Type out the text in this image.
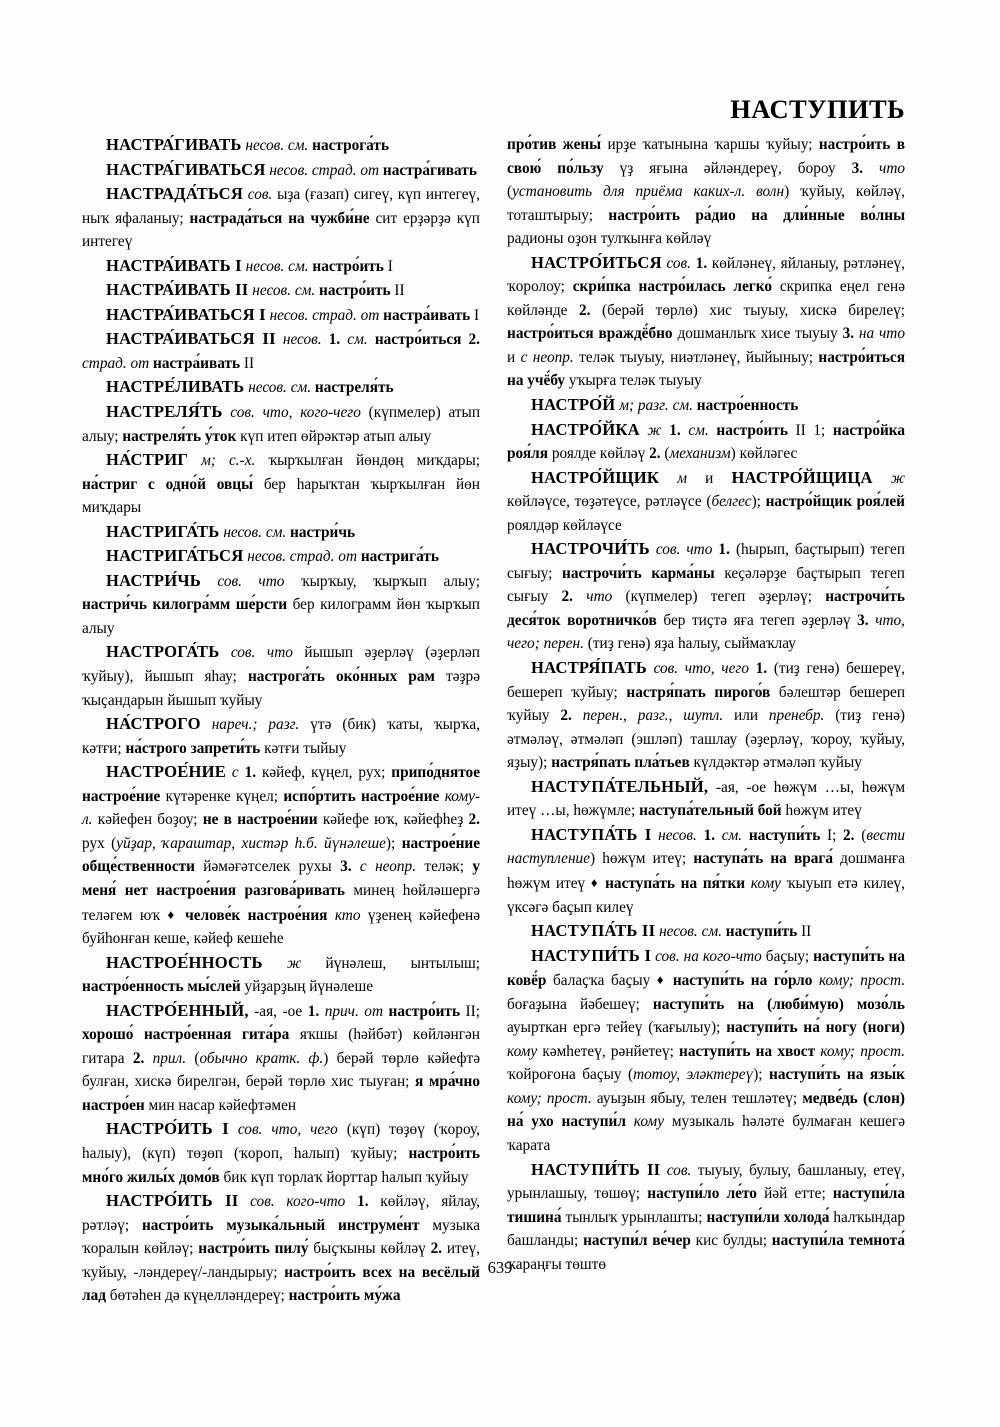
НАСТУПИТЬ

НАСТРА́ГИВАТЬ несов. см. настрога́ть

НАСТРА́ГИВАТЬСЯ несов. страд. от настра́гивать

НАСТРАДА́ТЬСЯ сов. ыҙа (ғазап) сигеү, күп интегеү, ныҡ яфаланыу; настрада́ться на чужби́не сит ерҙәрҙә күп интегеү

НАСТРА́ИВАТЬ I несов. см. настро́ить I

НАСТРА́ИВАТЬ II несов. см. настро́ить II

НАСТРА́ИВАТЬСЯ I несов. страд. от настра́ивать I

НАСТРА́ИВАТЬСЯ II несов. 1. см. настро́иться 2. страд. от настра́ивать II

НАСТРЕ́ЛИВАТЬ несов. см. настреля́ть

НАСТРЕЛЯ́ТЬ сов. что, кого-чего (күпмелер) атып алыу; настреля́ть у́ток күп итеп өйрәктәр атып алыу

НА́СТРИГ м; с.-х. ҡырҡылған йөндөң миҡдары; на́стриг с одно́й овцы́ бер һарыҡтан ҡырҡылған йөн миҡдары

НАСТРИГА́ТЬ несов. см. настри́чь

НАСТРИГА́ТЬСЯ несов. страд. от настрига́ть

НАСТРИ́ЧЬ сов. что ҡырҡыу, ҡырҡып алыу; настри́чь килогра́мм ше́рсти бер килограмм йөн ҡырҡып алыу

НАСТРОГА́ТЬ сов. что йышып әҙерләү (әҙерләп ҡуйыу), йышып яһау; настрога́ть око́нных рам тәҙрә ҡыҫандарын йышып ҡуйыу

НА́СТРОГО нареч.; разг. үтә (бик) ҡаты, ҡырҡа, кәтғи; на́строго запрети́ть кәтғи тыйыу

НАСТРОЕ́НИЕ с 1. кәйеф, күңел, рух; припо́днятое настрое́ние күтәренке күңел; испо́ртить настрое́ние кому-л. кәйефен боҙоу; не в настрое́нии кәйефе юҡ, кәйефһеҙ 2. рух (уйҙар, ҡараштар, хистәр һ.б. йүнәлеше); настрое́ние обще́ственности йәмәғәтселек рухы 3. с неопр. теләк; у меня́ нет настрое́ния разгова́ривать минең һөйләшергә теләгем юҡ ♦ челове́к настрое́ния кто үҙенең кәйефенә буйһонған кеше, кәйеф кешеһе

НАСТРОЕ́ННОСТЬ ж йүнәлеш, ынтылыш; настро́енность мы́слей уйҙарҙың йүнәлеше

НАСТРО́ЕННЫЙ, -ая, -ое 1. прич. от настро́ить II; хорошо́ настро́енная гита́ра яҡшы (һәйбәт) көйләнгән гитара 2. прил. (обычно кратк. ф.) берәй төрлө кәйефтә булған, хискә бирелгән, берәй төрлө хис тыуған; я мра́чно настро́ен мин насар кәйефтәмен

НАСТРО́ИТЬ I сов. что, чего (күп) төҙөү (ҡороу, һалыу), (күп) төҙөп (ҡороп, һалып) ҡуйыу; настро́ить мно́го жилы́х домо́в бик күп торлаҡ йорттар һалып ҡуйыу

НАСТРО́ИТЬ II сов. кого-что 1. көйләү, яйлау, рәтләү; настро́ить музыка́льный инструме́нт музыка ҡоралын көйләү; настро́ить пилу́ быҫҡыны көйләү 2. итеү, ҡуйыу, -ләндереү/-ландырыу; настро́ить всех на весёлый лад бөтәһен дә күңелләндереү; настро́ить му́жа

про́тив жены́ ирҙе ҡатынына ҡаршы ҡуйыу; настро́ить в свою́ по́льзу үҙ яғына әйләндереү, бороу 3. что (установить для приёма каких-л. волн) ҡуйыу, көйләү, тоташтырыу; настро́ить ра́дио на дли́нные во́лны радионы оҙон тулҡынға көйләү

НАСТРО́ИТЬСЯ сов. 1. көйләнеү, яйланыу, рәтләнеү, ҡоролоу; скри́пка настро́илась легко́ скрипка еңел генә көйләнде 2. (берәй төрлө) хис тыуыу, хискә бирелеү; настро́иться враждё́бно дошманлыҡ хисе тыуыу 3. на что и с неопр. теләк тыуыу, ниәтләнеү, йыйыныу; настро́иться на учё́бу уҡырға теләк тыуыу

НАСТРО́Й м; разг. см. настро́енность

НАСТРО́ЙКА ж 1. см. настро́ить II 1; настро́йка роя́ля роялде көйләү 2. (механизм) көйләгес

НАСТРО́ЙЩИК м и НАСТРО́ЙЩИЦА ж көйләүсе, төҙәтеүсе, рәтләүсе (белгес); настро́йщик роя́лей роялдәр көйләүсе

НАСТРОЧИ́ТЬ сов. что 1. (һырып, баҫтырып) тегеп сығыу; настрочи́ть карма́ны кеҫәләрҙе баҫтырып тегеп сығыу 2. что (күпмелер) тегеп әҙерләү; настрочи́ть деся́ток воротничко́в бер тиҫтә яға тегеп әҙерләү 3. что, чего; перен. (тиҙ генә) яҙа һалыу, сыймаҡлау

НАСТРЯ́ПАТЬ сов. что, чего 1. (тиҙ генә) бешереү, бешереп ҡуйыу; настря́пать пирого́в бәлештәр бешереп ҡуйыу 2. перен., разг., шутл. или пренебр. (тиҙ генә) әтмәләү, әтмәләп (эшләп) ташлау (әҙерләү, ҡороу, ҡуйыу, яҙыу); настря́пать пла́тьев күлдәктәр әтмәләп ҡуйыу

НАСТУПА́ТЕЛЬНЫЙ, -ая, -ое һөжүм …ы, һөжүм итеү …ы, һөжүмле; наступа́тельный бой һөжүм итеү

НАСТУПА́ТЬ I несов. 1. см. наступи́ть I; 2. (вести наступление) һөжүм итеү; наступа́ть на врага́ дошманға һөжүм итеү ♦ наступа́ть на пя́тки кому ҡыуып етә килеү, үксәгә баҫып килеү

НАСТУПА́ТЬ II несов. см. наступи́ть II

НАСТУПИ́ТЬ I сов. на кого-что баҫыу; наступи́ть на ковё́р балаҫҡа баҫыу ♦ наступи́ть на го́рло кому; прост. боғаҙына йәбешеү; наступи́ть на (люби́мую) мозо́ль ауырткан ергә тейеү (ҡағылыу); наступи́ть на́ ногу (ноги) кому кәмһетеү, рәнйетеү; наступи́ть на хвост кому; прост. ҡойроғона баҫыу (тотоу, эләктереү); наступи́ть на язы́к кому; прост. ауыҙын ябыу, телен тешләтеү; медве́дь (слон) на́ ухо наступи́л кому музыкаль һәләте булмаған кешегә ҡарата

НАСТУПИ́ТЬ II сов. тыуыу, булыу, башланыу, етеү, урынлашыу, төшөү; наступи́ло ле́то йәй етте; наступи́ла тишина́ тынлыҡ урынлашты; наступи́ли холода́ һалҡындар башланды; наступи́л ве́чер кис булды; наступи́ла темнота́ ҡараңғы төштө

639
